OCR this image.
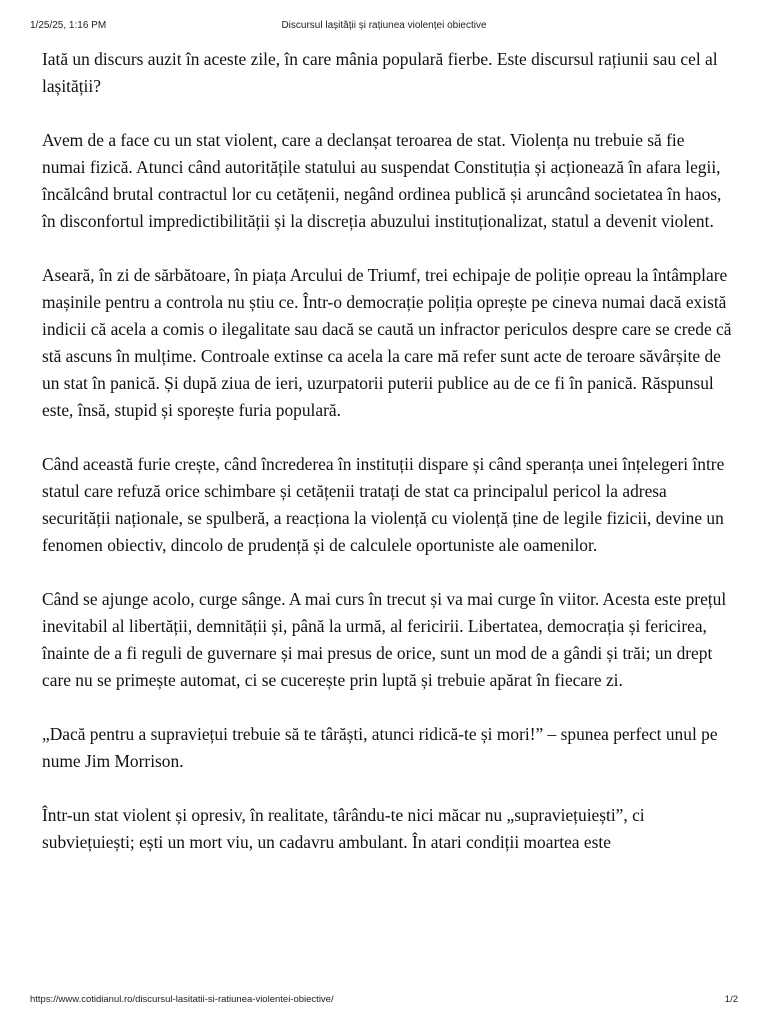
1/25/25, 1:16 PM	Discursul lașității și rațiunea violenței obiective

Iată un discurs auzit în aceste zile, în care mânia populară fierbe. Este discursul rațiunii sau cel al lașității?

Avem de a face cu un stat violent, care a declanșat teroarea de stat. Violența nu trebuie să fie numai fizică. Atunci când autoritățile statului au suspendat Constituția și acționează în afara legii, încălcând brutal contractul lor cu cetățenii, negând ordinea publică și aruncând societatea în haos, în disconfortul impredictibilității și la discreția abuzului instituționalizat, statul a devenit violent.

Aseară, în zi de sărbătoare, în piața Arcului de Triumf, trei echipaje de poliție opreau la întâmplare mașinile pentru a controla nu știu ce. Într-o democrație poliția oprește pe cineva numai dacă există indicii că acela a comis o ilegalitate sau dacă se caută un infractor periculos despre care se crede că stă ascuns în mulțime. Controale extinse ca acela la care mă refer sunt acte de teroare săvârșite de un stat în panică. Și după ziua de ieri, uzurpatorii puterii publice au de ce fi în panică. Răspunsul este, însă, stupid și sporește furia populară.

Când această furie crește, când încrederea în instituții dispare și când speranța unei înțelegeri între statul care refuză orice schimbare și cetățenii tratați de stat ca principalul pericol la adresa securității naționale, se spulberă, a reacționa la violență cu violență ține de legile fizicii, devine un fenomen obiectiv, dincolo de prudență și de calculele oportuniste ale oamenilor.

Când se ajunge acolo, curge sânge. A mai curs în trecut și va mai curge în viitor. Acesta este prețul inevitabil al libertății, demnității și, până la urmă, al fericirii. Libertatea, democrația și fericirea, înainte de a fi reguli de guvernare și mai presus de orice, sunt un mod de a gândi și trăi; un drept care nu se primește automat, ci se cucerește prin luptă și trebuie apărat în fiecare zi.

„Dacă pentru a supraviețui trebuie să te târăști, atunci ridică-te și mori!” – spunea perfect unul pe nume Jim Morrison.

Într-un stat violent și opresiv, în realitate, târându-te nici măcar nu „supraviețuiești”, ci subviețuiești; ești un mort viu, un cadavru ambulant. În atari condiții moartea este

https://www.cotidianul.ro/discursul-lasitatii-si-ratiunea-violentei-obiective/	1/2
